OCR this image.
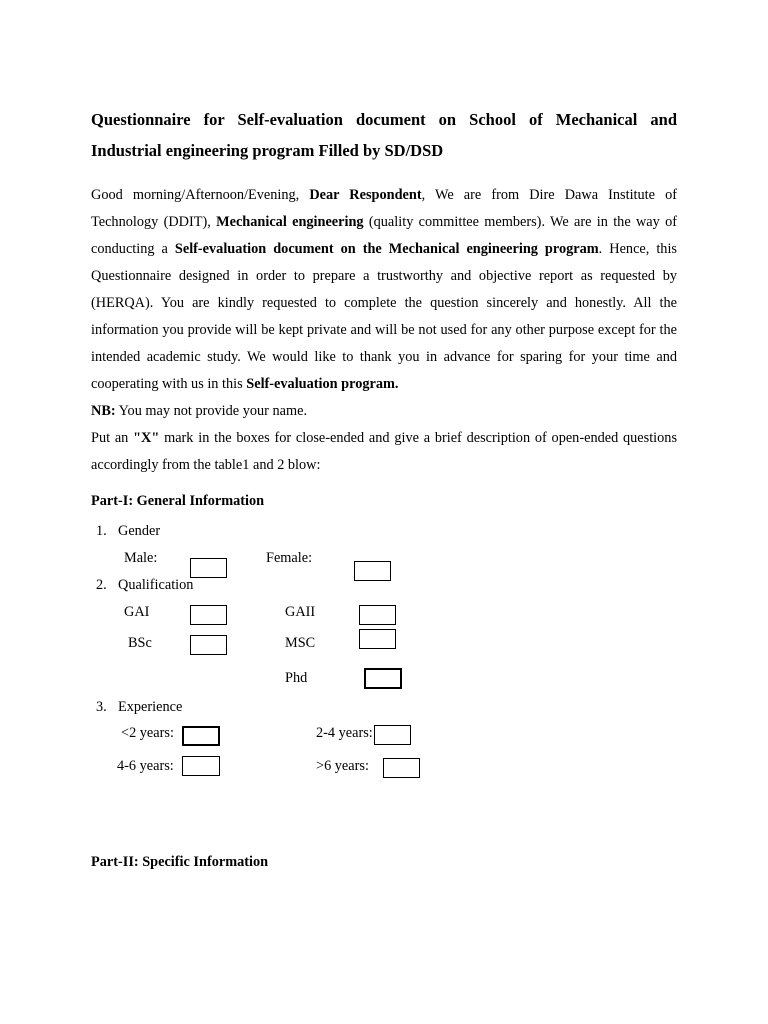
Questionnaire for Self-evaluation document on School of Mechanical and Industrial engineering program Filled by SD/DSD

Good morning/Afternoon/Evening, Dear Respondent, We are from Dire Dawa Institute of Technology (DDIT), Mechanical engineering (quality committee members). We are in the way of conducting a Self-evaluation document on the Mechanical engineering program. Hence, this Questionnaire designed in order to prepare a trustworthy and objective report as requested by (HERQA). You are kindly requested to complete the question sincerely and honestly. All the information you provide will be kept private and will be not used for any other purpose except for the intended academic study. We would like to thank you in advance for sparing for your time and cooperating with us in this Self-evaluation program.

NB: You may not provide your name.

Put an "X" mark in the boxes for close-ended and give a brief description of open-ended questions accordingly from the table1 and 2 blow:

Part-I: General Information
1. Gender
Male:	Female:
2. Qualification
GAI	GAII
BSc	MSC
Phd
3. Experience
<2 years:	2-4 years:
4-6 years:	>6 years:
Part-II: Specific Information
